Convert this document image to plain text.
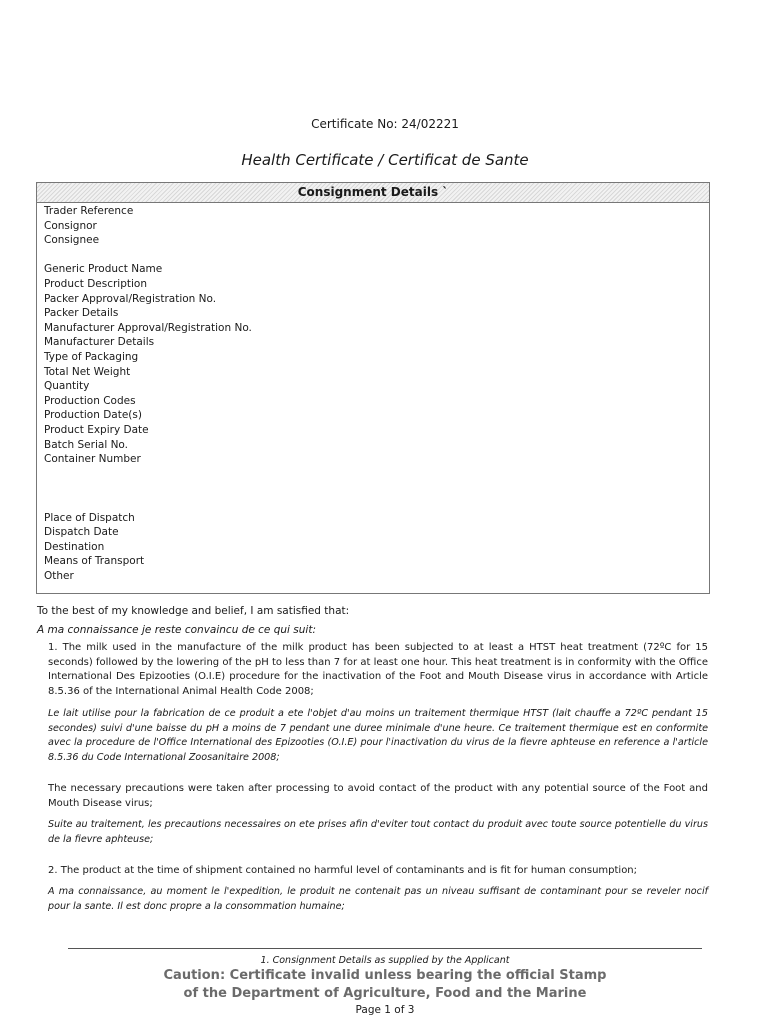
Certificate No: 24/02221
Health Certificate / Certificat de Sante
Consignment Details `
Trader Reference
Consignor
Consignee
Generic Product Name
Product Description
Packer Approval/Registration No.
Packer Details
Manufacturer Approval/Registration No.
Manufacturer Details
Type of Packaging
Total Net Weight
Quantity
Production Codes
Production Date(s)
Product Expiry Date
Batch Serial No.
Container Number
Place of Dispatch
Dispatch Date
Destination
Means of Transport
Other
To the best of my knowledge and belief, I am satisfied that:
A ma connaissance je reste convaincu de ce qui suit:
1. The milk used in the manufacture of the milk product has been subjected to at least a HTST heat treatment (72ºC for 15 seconds) followed by the lowering of the pH to less than 7 for at least one hour. This heat treatment is in conformity with the Office International Des Epizooties (O.I.E) procedure for the inactivation of the Foot and Mouth Disease virus in accordance with Article 8.5.36 of the International Animal Health Code 2008;
Le lait utilise pour la fabrication de ce produit a ete l'objet d'au moins un traitement thermique HTST (lait chauffe a 72ºC pendant 15 secondes) suivi d'une baisse du pH a moins de 7 pendant une duree minimale d'une heure. Ce traitement thermique est en conformite avec la procedure de l'Office International des Epizooties (O.I.E) pour l'inactivation du virus de la fievre aphteuse en reference a l'article 8.5.36 du Code International Zoosanitaire 2008;
The necessary precautions were taken after processing to avoid contact of the product with any potential source of the Foot and Mouth Disease virus;
Suite au traitement, les precautions necessaires on ete prises afin d'eviter tout contact du produit avec toute source potentielle du virus de la fievre aphteuse;
2. The product at the time of shipment contained no harmful level of contaminants and is fit for human consumption;
A ma connaissance, au moment le l'expedition, le produit ne contenait pas un niveau suffisant de contaminant pour se reveler nocif pour la sante. Il est donc propre a la consommation humaine;
1. Consignment Details as supplied by the Applicant
Caution: Certificate invalid unless bearing the official Stamp
of the Department of Agriculture, Food and the Marine
Page 1 of 3
